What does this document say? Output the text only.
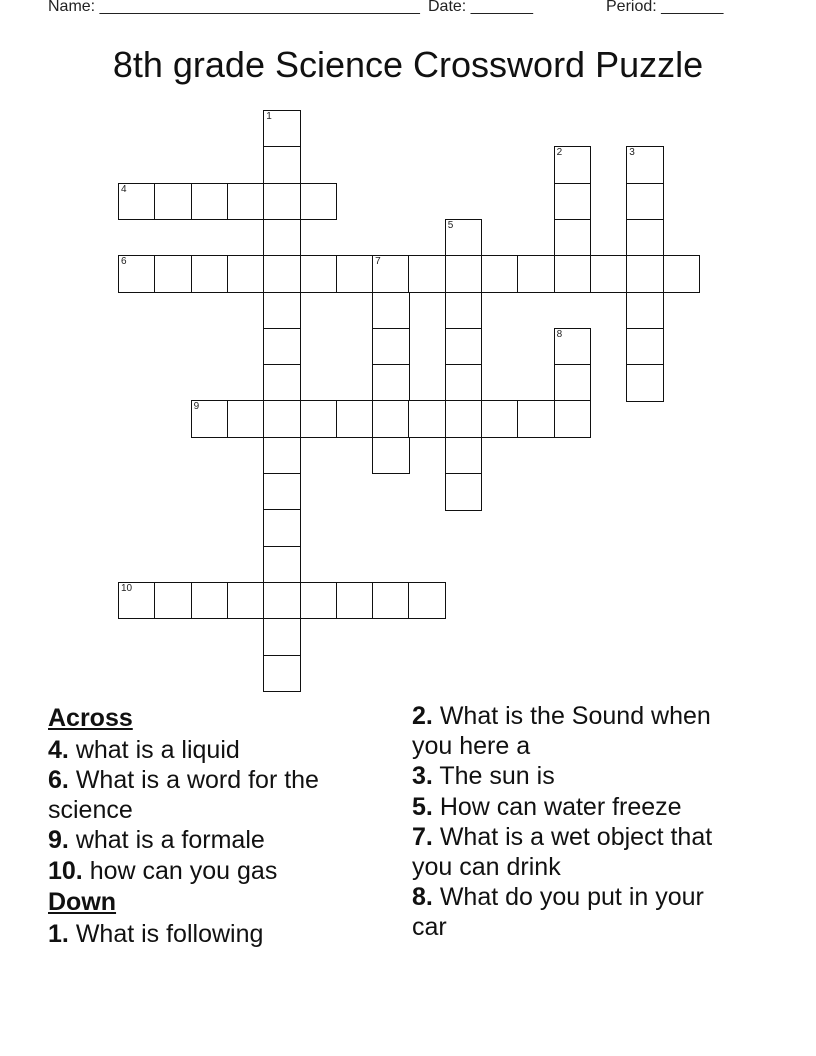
Name: ____________________________________ Date: _______	Period: _______
8th grade Science Crossword Puzzle
1
2	3
4
5
6	7
8
9
10
Across
4. what is a liquid
6. What is a word for the science
9. what is a formale
10. how can you gas
Down
1. What is following
2. What is the Sound when you here a
3. The sun is
5. How can water freeze
7. What is a wet object that you can drink
8. What do you put in your car
